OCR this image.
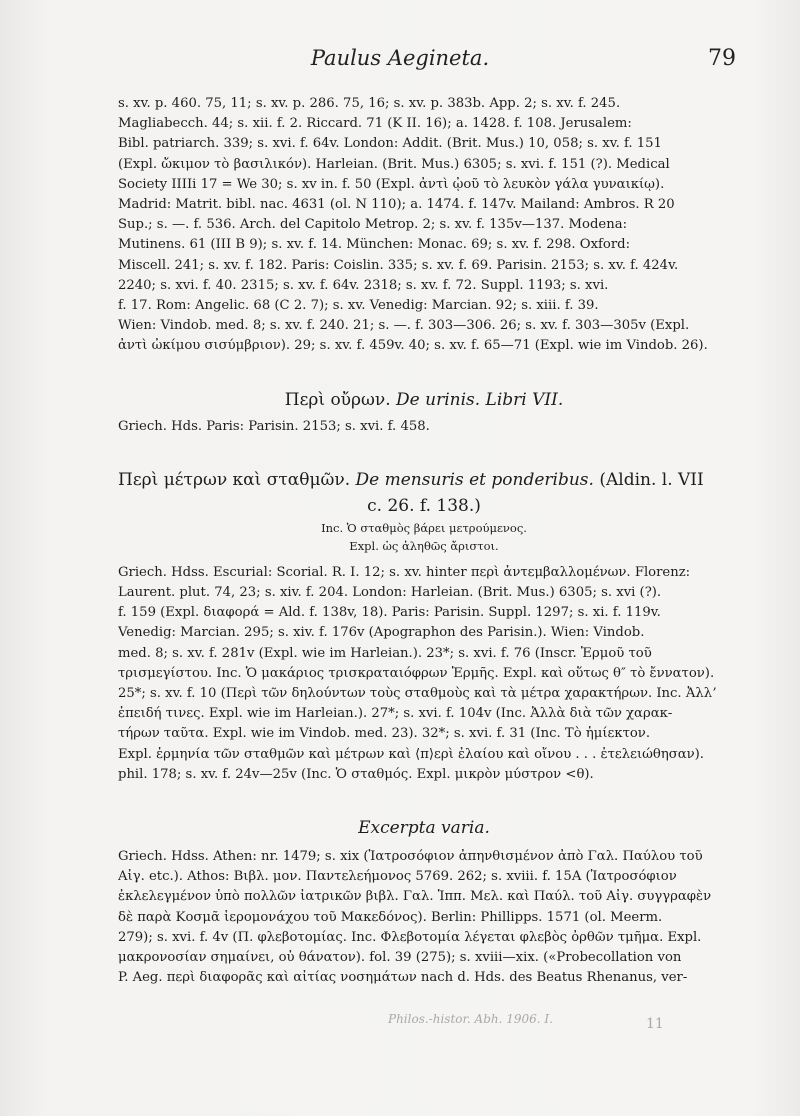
Paulus Aegineta.	79
s. xv. p. 460. 75, 11; s. xv. p. 286. 75, 16; s. xv. p. 383b. App. 2; s. xv. f. 245.
Magliabecch. 44; s. xii. f. 2. Riccard. 71 (K II. 16); a. 1428. f. 108. Jerusalem:
Bibl. patriarch. 339; s. xvi. f. 64v. London: Addit. (Brit. Mus.) 10, 058; s. xv. f. 151
(Expl. ὤκιμον τὸ βασιλικόν). Harleian. (Brit. Mus.) 6305; s. xvi. f. 151 (?). Medical
Society IIIIi 17 = We 30; s. xv in. f. 50 (Expl. ἀντὶ ᾠοῦ τὸ λευκὸν γάλα γυναικίῳ).
Madrid: Matrit. bibl. nac. 4631 (ol. N 110); a. 1474. f. 147v. Mailand: Ambros. R 20
Sup.; s. —. f. 536. Arch. del Capitolo Metrop. 2; s. xv. f. 135v—137. Modena:
Mutinens. 61 (III B 9); s. xv. f. 14. München: Monac. 69; s. xv. f. 298. Oxford:
Miscell. 241; s. xv. f. 182. Paris: Coislin. 335; s. xv. f. 69. Parisin. 2153; s. xv. f. 424v.
2240; s. xvi. f. 40. 2315; s. xv. f. 64v. 2318; s. xv. f. 72. Suppl. 1193; s. xvi.
f. 17. Rom: Angelic. 68 (C 2. 7); s. xv. Venedig: Marcian. 92; s. xiii. f. 39.
Wien: Vindob. med. 8; s. xv. f. 240. 21; s. —. f. 303—306. 26; s. xv. f. 303—305v (Expl.
ἀντὶ ὠκίμου σισύμβριον). 29; s. xv. f. 459v. 40; s. xv. f. 65—71 (Expl. wie im Vindob. 26).
Περὶ οὔρων. De urinis. Libri VII.
Griech. Hds. Paris: Parisin. 2153; s. xvi. f. 458.
Περὶ μέτρων καὶ σταθμῶν. De mensuris et ponderibus. (Aldin. l. VII
c. 26. f. 138.)
Inc. Ὁ σταθμὸς βάρει μετρούμενος.
Expl. ὡς ἀληθῶς ἄριστοι.
Griech. Hdss. Escurial: Scorial. R. I. 12; s. xv. hinter περὶ ἀντεμβαλλομένων. Florenz:
Laurent. plut. 74, 23; s. xiv. f. 204. London: Harleian. (Brit. Mus.) 6305; s. xvi (?).
f. 159 (Expl. διαφορά = Ald. f. 138v, 18). Paris: Parisin. Suppl. 1297; s. xi. f. 119v.
Venedig: Marcian. 295; s. xiv. f. 176v (Apographon des Parisin.). Wien: Vindob.
med. 8; s. xv. f. 281v (Expl. wie im Harleian.). 23*; s. xvi. f. 76 (Inscr. Ἑρμοῦ τοῦ
τρισμεγίστου. Inc. Ὁ μακάριος τρισκραταιόφρων Ἑρμῆς. Expl. καὶ οὕτως θ″ τὸ ἔννατον).
25*; s. xv. f. 10 (Περὶ τῶν δηλούντων τοὺς σταθμοὺς καὶ τὰ μέτρα χαρακτήρων. Inc. Ἀλλʼ
ἐπειδή τινες. Expl. wie im Harleian.). 27*; s. xvi. f. 104v (Inc. Ἀλλὰ διὰ τῶν χαρακ-
τήρων ταῦτα. Expl. wie im Vindob. med. 23). 32*; s. xvi. f. 31 (Inc. Τὸ ἡμίεκτον.
Expl. ἑρμηνία τῶν σταθμῶν καὶ μέτρων καὶ ⟨π⟩ερὶ ἐλαίου καὶ οἴνου . . . ἐτελειώθησαν).
phil. 178; s. xv. f. 24v—25v (Inc. Ὁ σταθμός. Expl. μικρὸν μύστρον <θ).
Excerpta varia.
Griech. Hdss. Athen: nr. 1479; s. xix (Ἰατροσόφιον ἀπηνθισμένον ἀπὸ Γαλ. Παύλου τοῦ
Αἰγ. etc.). Athos: Βιβλ. μον. Παντελεήμονος 5769. 262; s. xviii. f. 15A (Ἰατροσόφιον
ἐκλελεγμένον ὑπὸ πολλῶν ἰατρικῶν βιβλ. Γαλ. Ἱππ. Μελ. καὶ Παύλ. τοῦ Αἰγ. συγγραφὲν
δὲ παρὰ Κοσμᾶ ἱερομονάχου τοῦ Μακεδόνος). Berlin: Phillipps. 1571 (ol. Meerm.
279); s. xvi. f. 4v (Π. φλεβοτομίας. Inc. Φλεβοτομία λέγεται φλεβὸς ὀρθῶν τμῆμα. Expl.
μακρονοσίαν σημαίνει, οὐ θάνατον). fol. 39 (275); s. xviii—xix. («Probecollation von
P. Aeg. περὶ διαφορᾶς καὶ αἰτίας νοσημάτων nach d. Hds. des Beatus Rhenanus, ver-
Philos.-histor. Abh. 1906. I.	11
